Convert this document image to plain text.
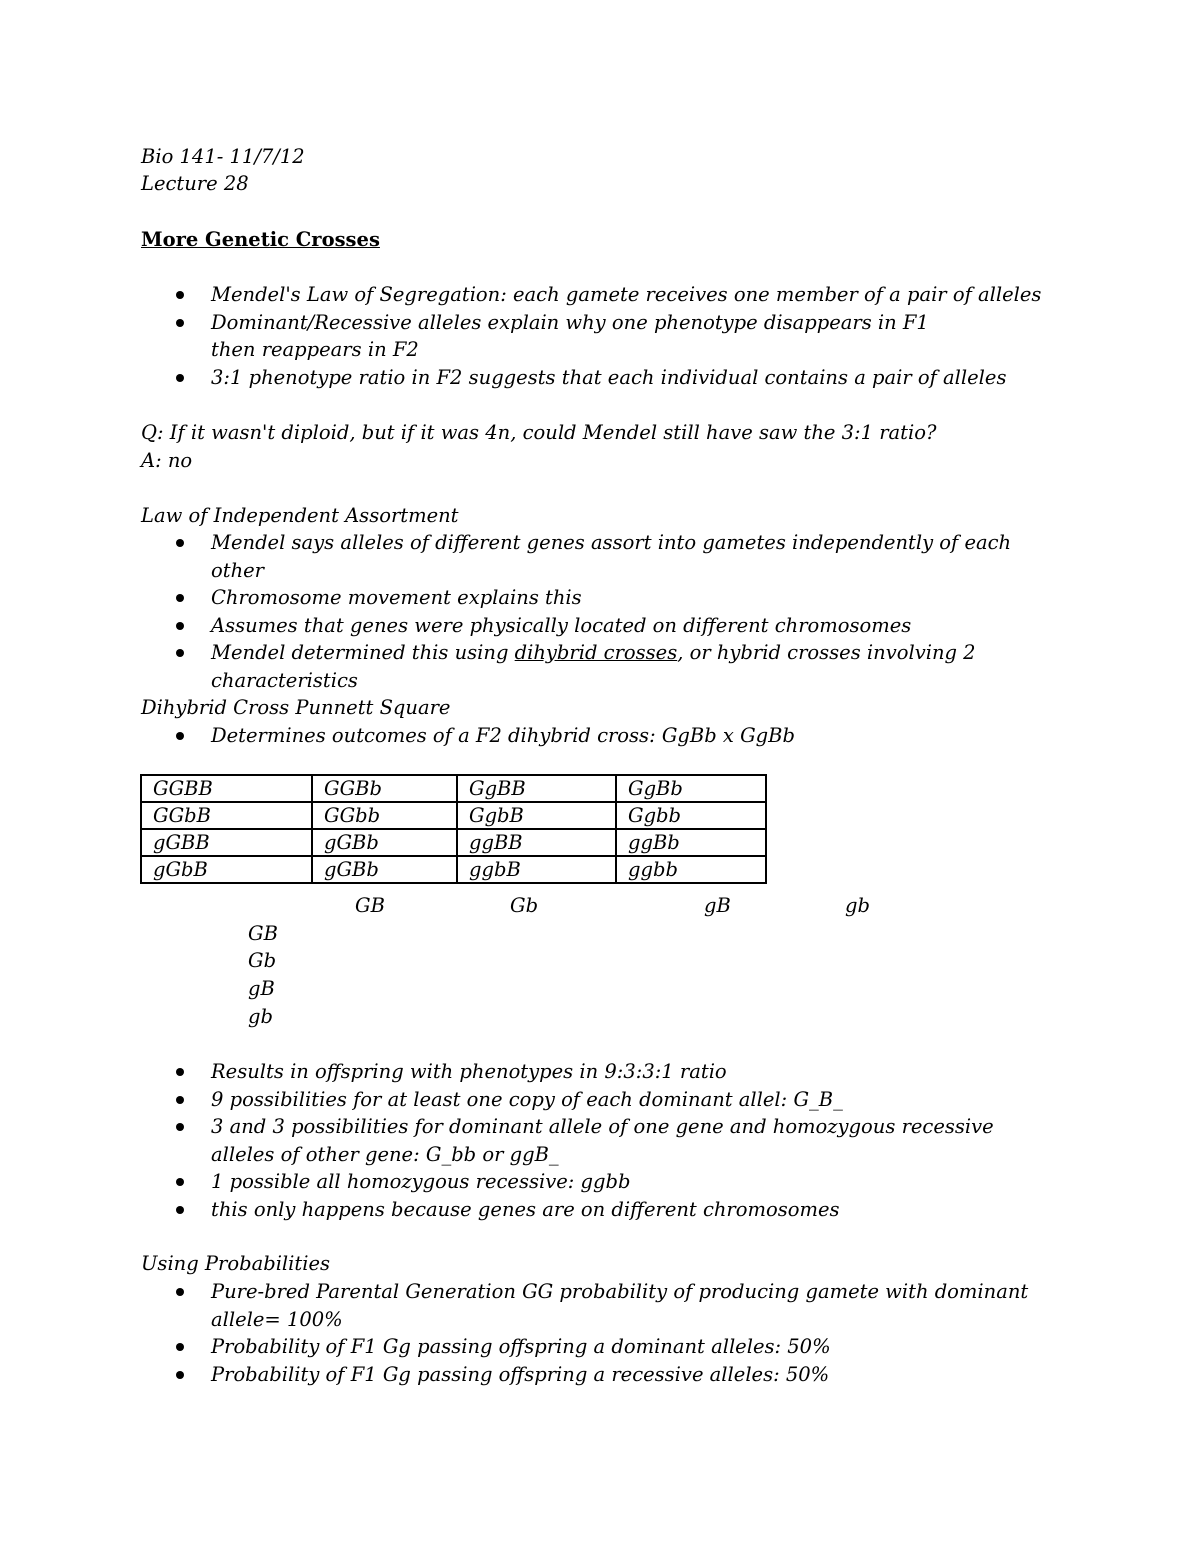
Bio 141- 11/7/12
Lecture 28
More Genetic Crosses
Mendel's Law of Segregation: each gamete receives one member of a pair of alleles
Dominant/Recessive alleles explain why one phenotype disappears in F1 then reappears in F2
3:1 phenotype ratio in F2 suggests that each individual contains a pair of alleles
Q: If it wasn't diploid, but if it was 4n, could Mendel still have saw the 3:1 ratio?
A: no
Law of Independent Assortment
Mendel says alleles of different genes assort into gametes independently of each other
Chromosome movement explains this
Assumes that genes were physically located on different chromosomes
Mendel determined this using dihybrid crosses, or hybrid crosses involving 2 characteristics
Dihybrid Cross Punnett Square
Determines outcomes of a F2 dihybrid cross: GgBb x GgBb
GGBB	GGBb	GgBB	GgBb
GGbB	GGbb	GgbB	Ggbb
gGBB	gGBb	ggBB	ggBb
gGbB	gGBb	ggbB	ggbb
GB	Gb	gB	gb
GB
Gb
gB
gb
Results in offspring with phenotypes in 9:3:3:1 ratio
9 possibilities for at least one copy of each dominant allel: G_B_
3 and 3 possibilities for dominant allele of one gene and homozygous recessive alleles of other gene: G_bb or ggB_
1 possible all homozygous recessive: ggbb
this only happens because genes are on different chromosomes
Using Probabilities
Pure-bred Parental Generation GG probability of producing gamete with dominant allele= 100%
Probability of F1 Gg passing offspring a dominant alleles: 50%
Probability of F1 Gg passing offspring a recessive alleles: 50%
